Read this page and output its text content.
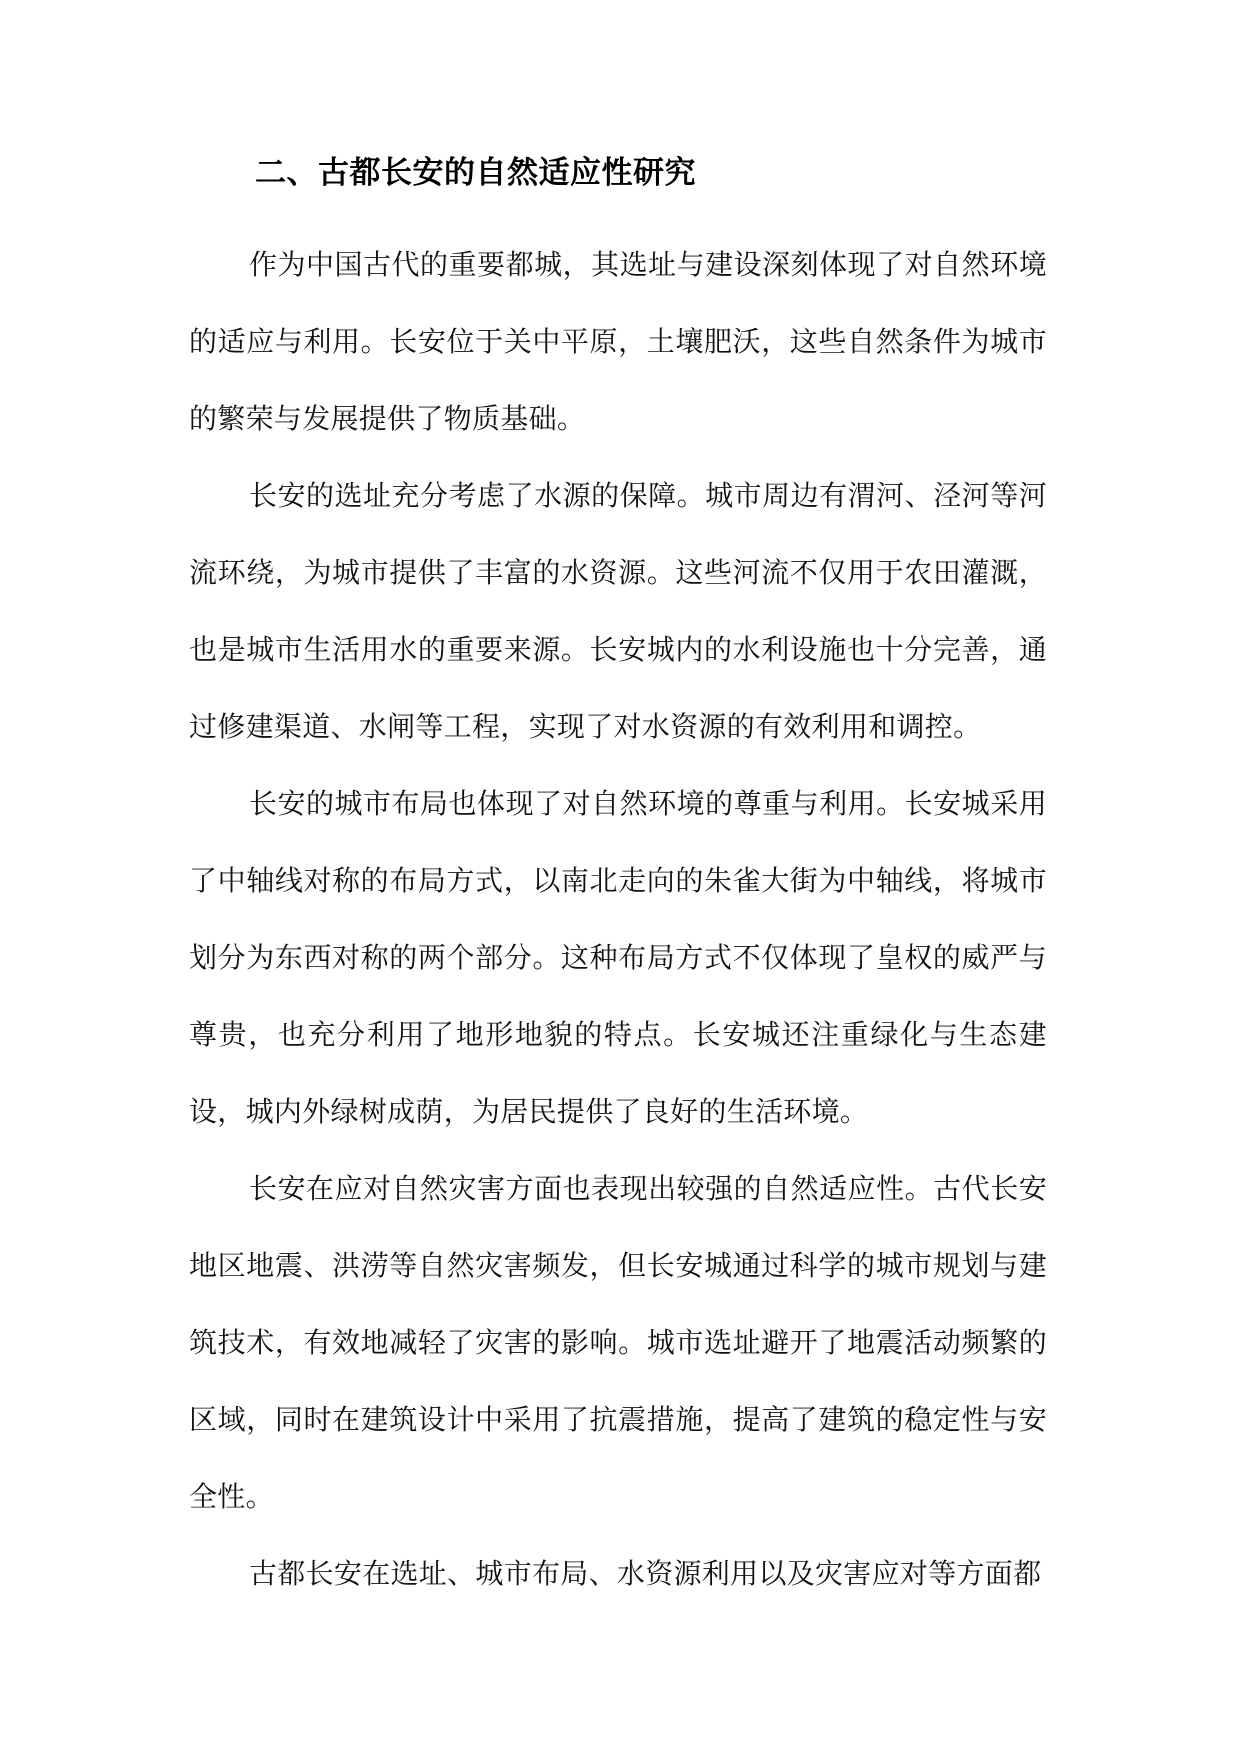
二、古都长安的自然适应性研究

作为中国古代的重要都城，其选址与建设深刻体现了对自然环境的适应与利用。长安位于关中平原，土壤肥沃，这些自然条件为城市的繁荣与发展提供了物质基础。

长安的选址充分考虑了水源的保障。城市周边有渭河、泾河等河流环绕，为城市提供了丰富的水资源。这些河流不仅用于农田灌溉，也是城市生活用水的重要来源。长安城内的水利设施也十分完善，通过修建渠道、水闸等工程，实现了对水资源的有效利用和调控。

长安的城市布局也体现了对自然环境的尊重与利用。长安城采用了中轴线对称的布局方式，以南北走向的朱雀大街为中轴线，将城市划分为东西对称的两个部分。这种布局方式不仅体现了皇权的威严与尊贵，也充分利用了地形地貌的特点。长安城还注重绿化与生态建设，城内外绿树成荫，为居民提供了良好的生活环境。

长安在应对自然灾害方面也表现出较强的自然适应性。古代长安地区地震、洪涝等自然灾害频发，但长安城通过科学的城市规划与建筑技术，有效地减轻了灾害的影响。城市选址避开了地震活动频繁的区域，同时在建筑设计中采用了抗震措施，提高了建筑的稳定性与安全性。

古都长安在选址、城市布局、水资源利用以及灾害应对等方面都
